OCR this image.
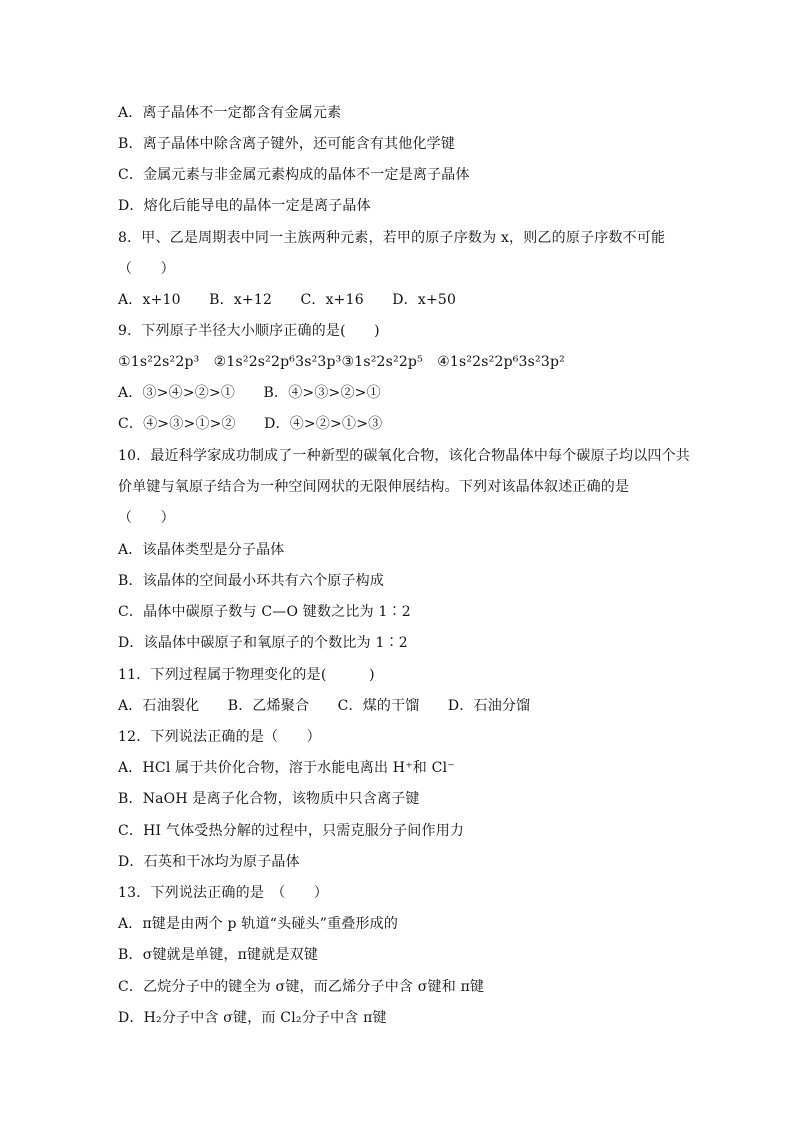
A．离子晶体不一定都含有金属元素
B．离子晶体中除含离子键外，还可能含有其他化学键
C．金属元素与非金属元素构成的晶体不一定是离子晶体
D．熔化后能导电的晶体一定是离子晶体
8．甲、乙是周期表中同一主族两种元素，若甲的原子序数为 x，则乙的原子序数不可能
（　　）
A．x+10　　B．x+12　　C．x+16　　D．x+50
9．下列原子半径大小顺序正确的是(　　)
①1s²2s²2p³　②1s²2s²2p⁶3s²3p³③1s²2s²2p⁵　④1s²2s²2p⁶3s²3p²
A．③>④>②>①　　B．④>③>②>①
C．④>③>①>②　　D．④>②>①>③
10．最近科学家成功制成了一种新型的碳氧化合物，该化合物晶体中每个碳原子均以四个共
价单键与氧原子结合为一种空间网状的无限伸展结构。下列对该晶体叙述正确的是
（　　）
A．该晶体类型是分子晶体
B．该晶体的空间最小环共有六个原子构成
C．晶体中碳原子数与 C—O 键数之比为 1∶2
D．该晶体中碳原子和氧原子的个数比为 1∶2
11．下列过程属于物理变化的是(　　　)
A．石油裂化　　B．乙烯聚合　　C．煤的干馏　　D．石油分馏
12．下列说法正确的是（　　）
A．HCl 属于共价化合物，溶于水能电离出 H⁺和 Cl⁻
B．NaOH 是离子化合物，该物质中只含离子键
C．HI 气体受热分解的过程中，只需克服分子间作用力
D．石英和干冰均为原子晶体
13．下列说法正确的是　（　　）
A．π键是由两个 p 轨道“头碰头”重叠形成的
B．σ键就是单键，π键就是双键
C．乙烷分子中的键全为 σ键，而乙烯分子中含 σ键和 π键
D．H₂分子中含 σ键，而 Cl₂分子中含 π键
